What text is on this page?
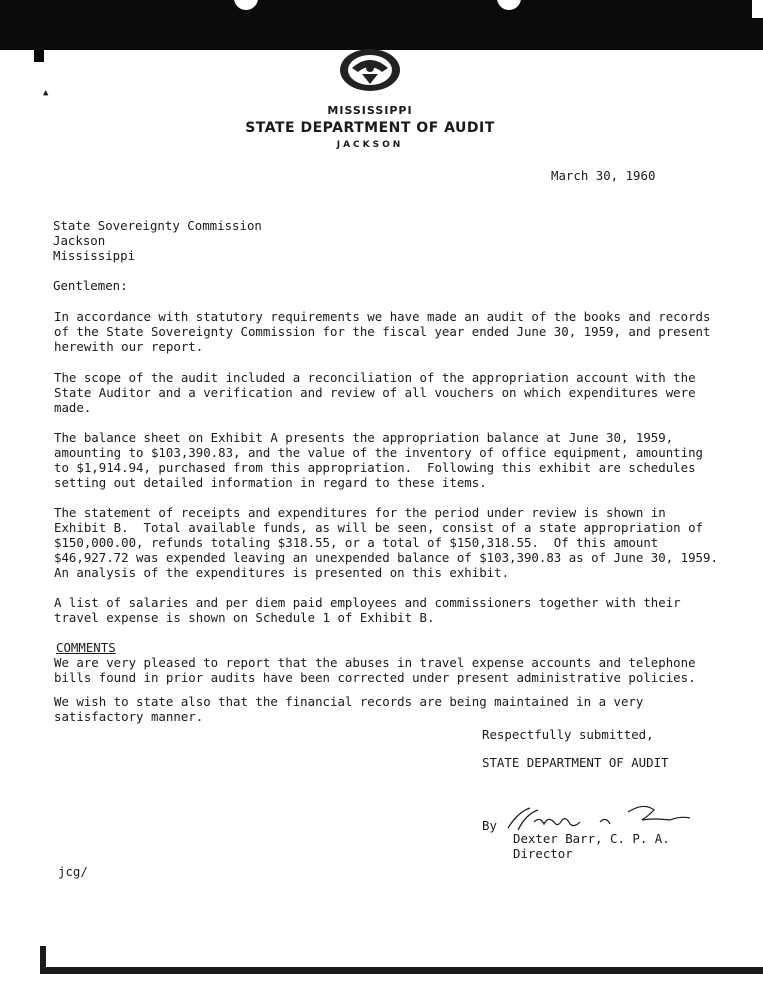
▲
MISSISSIPPI
STATE DEPARTMENT OF AUDIT
JACKSON
March 30, 1960
State Sovereignty Commission
Jackson
Mississippi
Gentlemen:
In accordance with statutory requirements we have made an audit of the books and records
of the State Sovereignty Commission for the fiscal year ended June 30, 1959, and present
herewith our report.
The scope of the audit included a reconciliation of the appropriation account with the
State Auditor and a verification and review of all vouchers on which expenditures were
made.
The balance sheet on Exhibit A presents the appropriation balance at June 30, 1959,
amounting to $103,390.83, and the value of the inventory of office equipment, amounting
to $1,914.94, purchased from this appropriation.  Following this exhibit are schedules
setting out detailed information in regard to these items.
The statement of receipts and expenditures for the period under review is shown in
Exhibit B.  Total available funds, as will be seen, consist of a state appropriation of
$150,000.00, refunds totaling $318.55, or a total of $150,318.55.  Of this amount
$46,927.72 was expended leaving an unexpended balance of $103,390.83 as of June 30, 1959.
An analysis of the expenditures is presented on this exhibit.
A list of salaries and per diem paid employees and commissioners together with their
travel expense is shown on Schedule 1 of Exhibit B.
COMMENTS
We are very pleased to report that the abuses in travel expense accounts and telephone
bills found in prior audits have been corrected under present administrative policies.
We wish to state also that the financial records are being maintained in a very
satisfactory manner.
Respectfully submitted,
STATE DEPARTMENT OF AUDIT
By
Dexter Barr, C. P. A.
Director
jcg/
